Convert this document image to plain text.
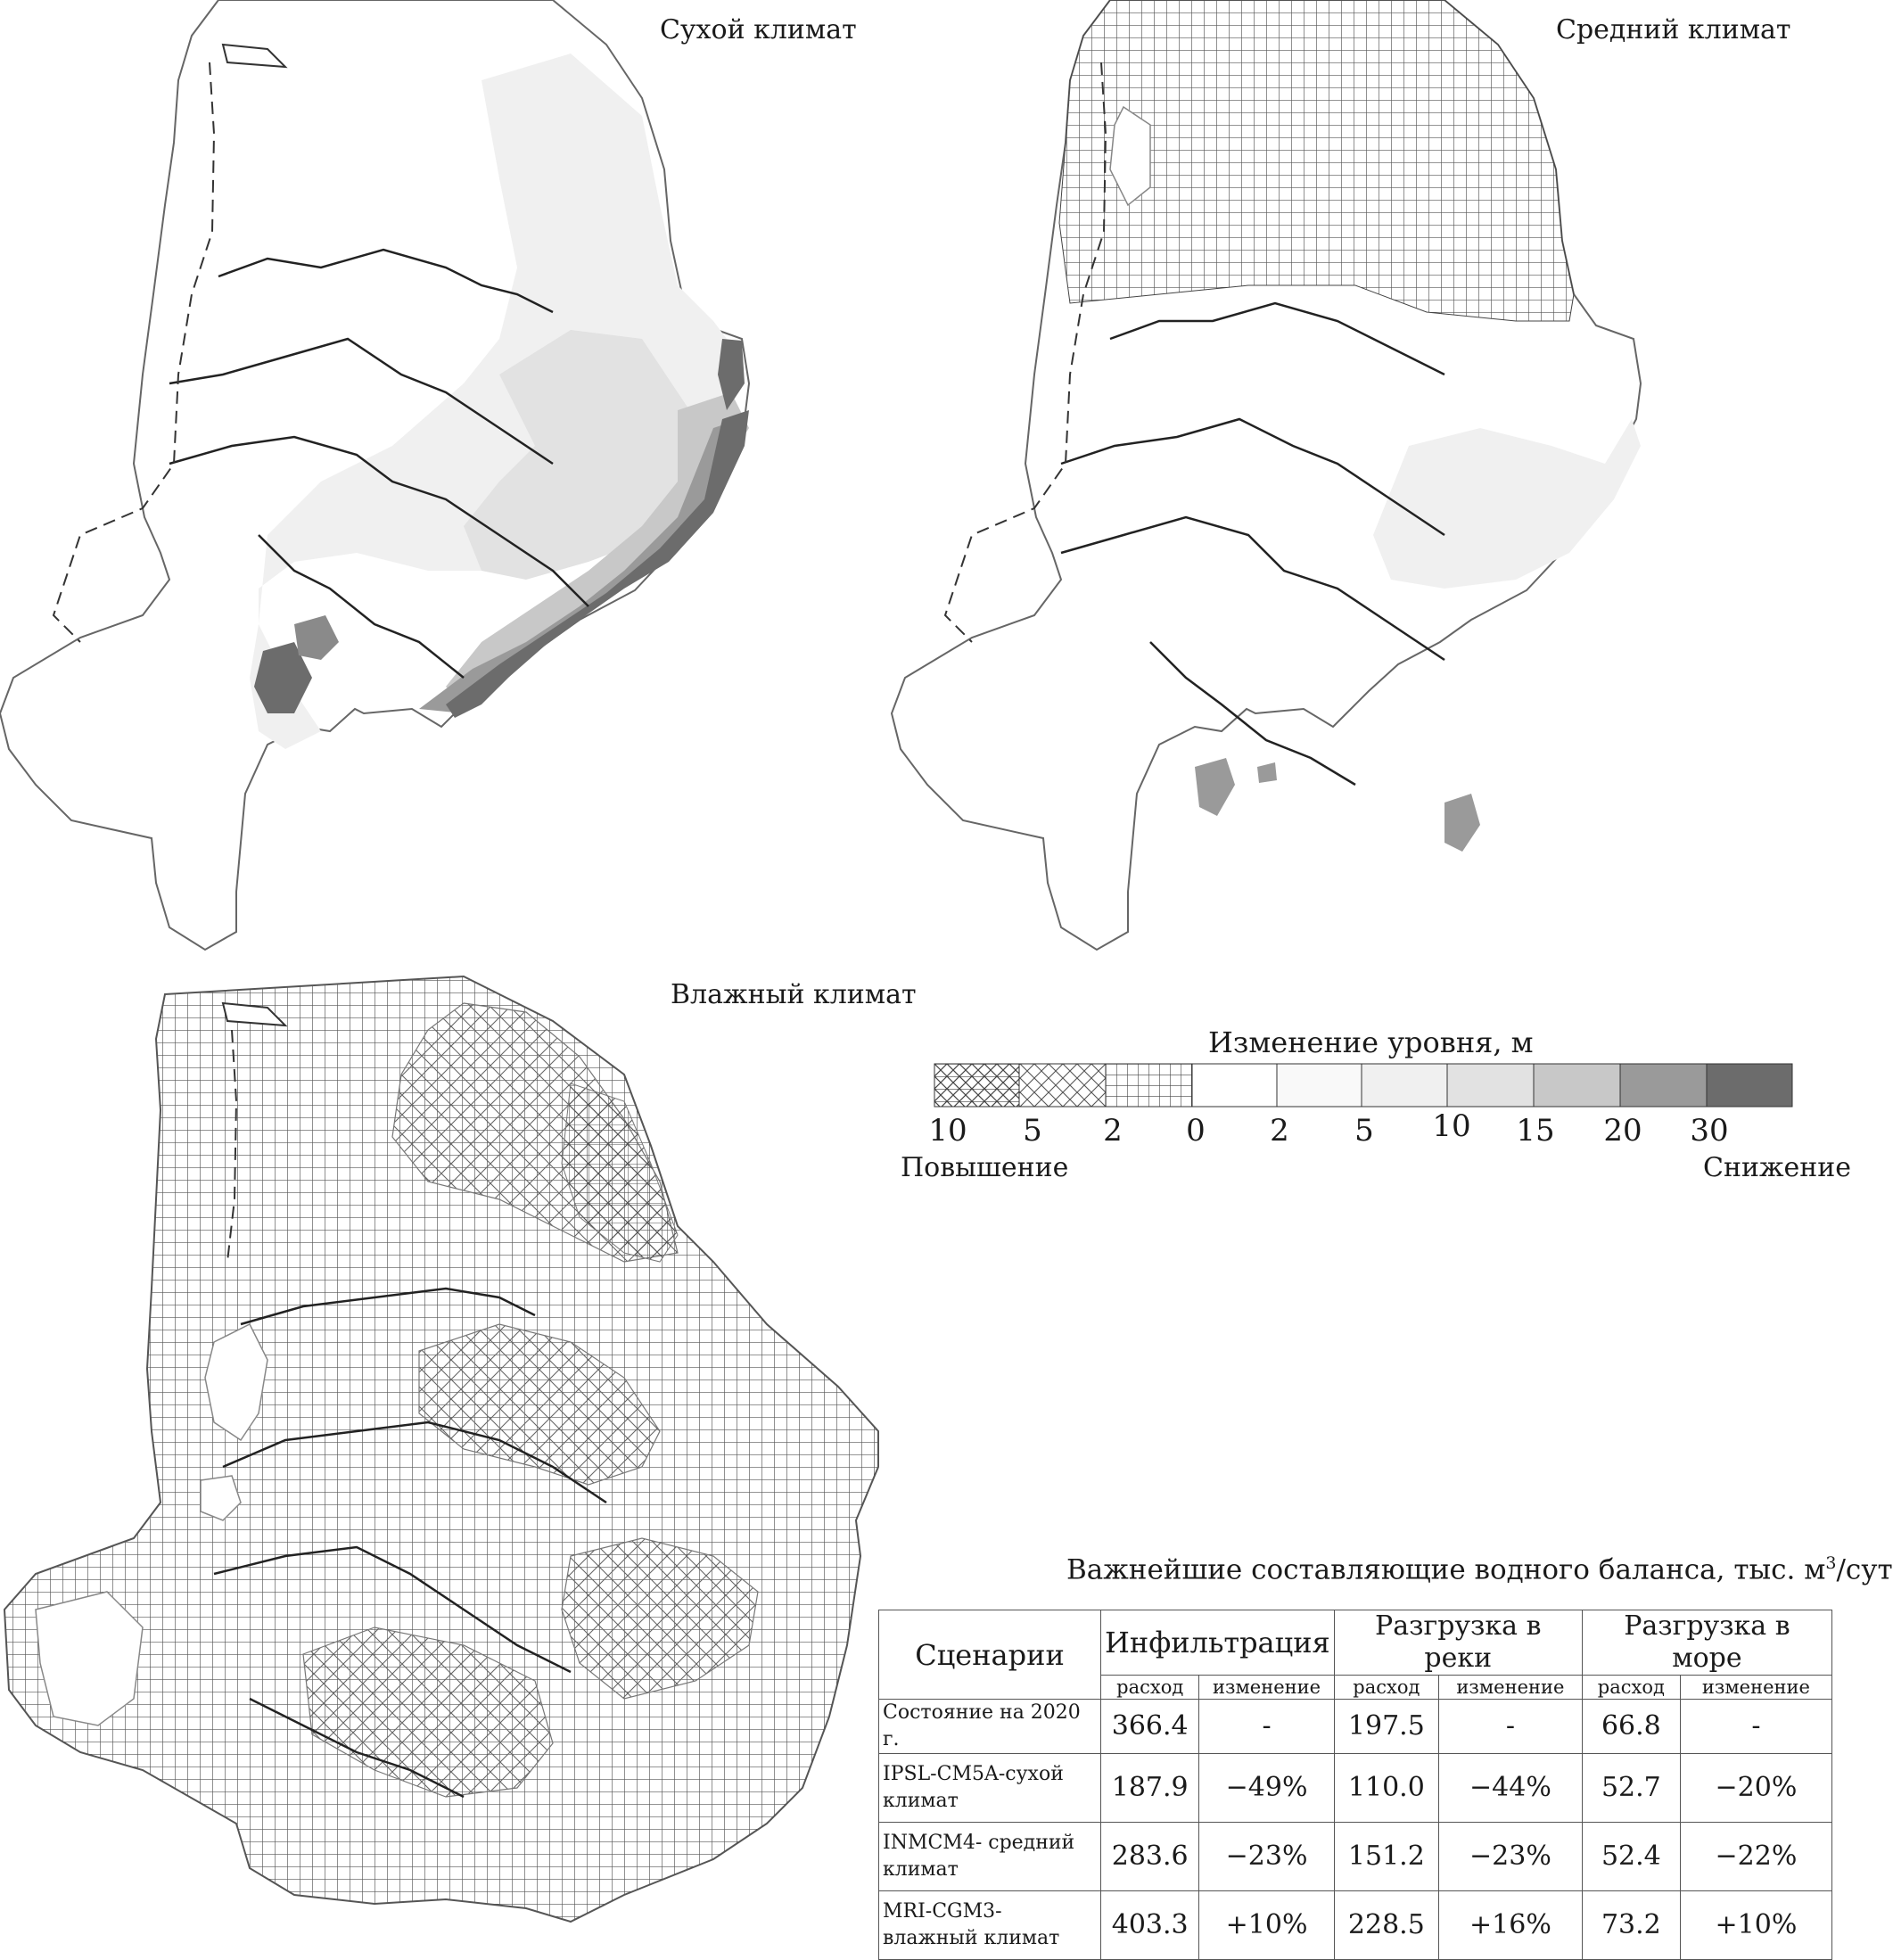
Сухой климат	Средний климат
Влажный климат
Изменение уровня, м
10 5 2 0 2 5 10 15 20 30
Повышение	Снижение
Важнейшие составляющие водного баланса, тыс. $м^3$/сут
Сценарии	Инфильтрация		Разгрузка в реки		Разгрузка в море	
	расход	изменение	расход	изменение	расход	изменение
Состояние на 2020 г.	366.4	-	197.5	-	66.8	-
IPSL-CM5A-сухой климат	187.9	−49%	110.0	−44%	52.7	−20%
INMCM4- средний климат	283.6	−23%	151.2	−23%	52.4	−22%
MRI-CGM3-влажный климат	403.3	+10%	228.5	+16%	73.2	+10%
